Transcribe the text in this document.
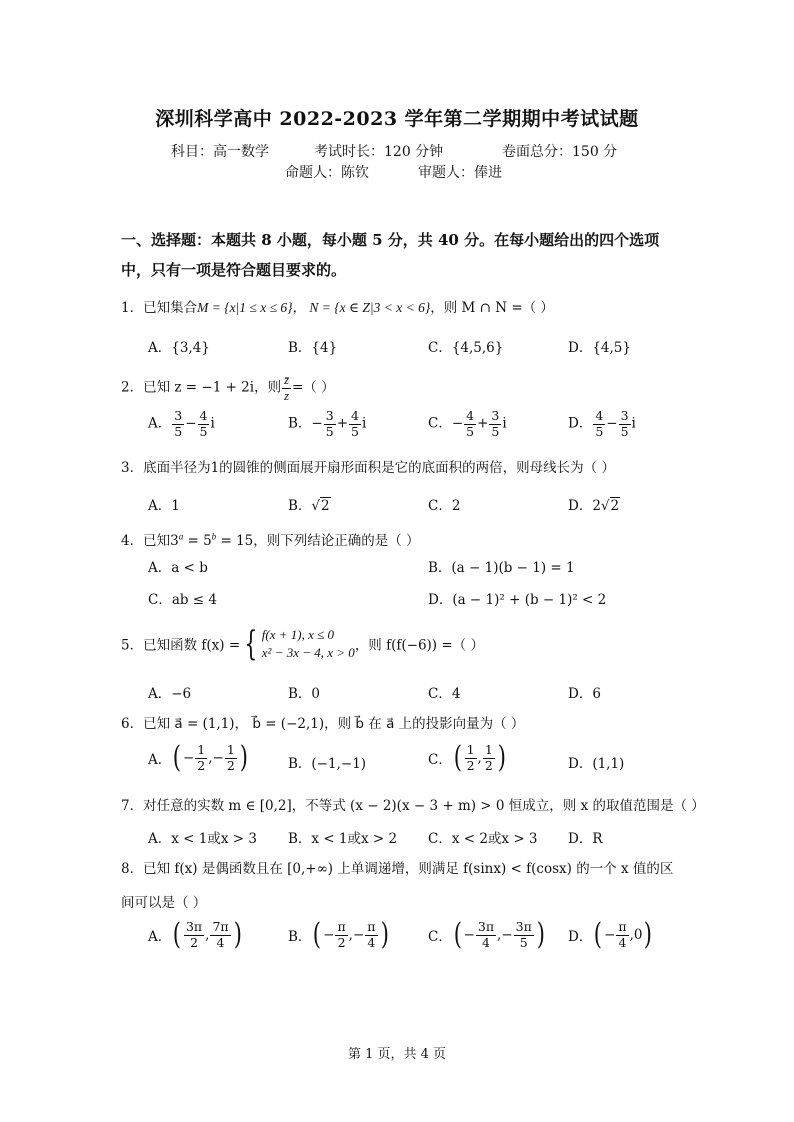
深圳科学高中 2022-2023 学年第二学期期中考试试题
科目：高一数学	考试时长：120 分钟	卷面总分：150 分
命题人：陈钦	审题人：俸进
一、选择题：本题共 8 小题，每小题 5 分，共 40 分。在每小题给出的四个选项
中，只有一项是符合题目要求的。
1．已知集合M = {x|1 ≤ x ≤ 6}， N = {x ∈ Z|3 < x < 6}，则 M ∩ N =（ ）
A．{3,4}	B．{4}	C．{4,5,6}	D．{4,5}
2．已知 z = −1 + 2i，则 $\frac{z̄}{z}$ =（ ）
A． $\frac{3}{5} - \frac{4}{5}$ i	B．− $\frac{3}{5} + \frac{4}{5}$ i	C．− $\frac{4}{5} + \frac{3}{5}$ i	D． $\frac{4}{5} - \frac{3}{5}$ i
3．底面半径为1的圆锥的侧面展开扇形面积是它的底面积的两倍，则母线长为（ ）
A．1	B．√2	C．2	D．2√2
4．已知$3^a = 5^b = 15$，则下列结论正确的是（ ）
A．a < b	B．(a − 1)(b − 1) = 1
C．ab ≤ 4	D．(a − 1)² + (b − 1)² < 2
5．已知函数 f(x) = { f(x + 1), x ≤ 0
x² − 3x − 4, x > 0 ，则 f(f(−6)) =（ ）
A．−6	B．0	C．4	D．6
6．已知 a⃗ = (1,1)， b⃗ = (−2,1)，则 b⃗ 在 a⃗ 上的投影向量为（ ）
A．( − $\frac{1}{2}$ ,− $\frac{1}{2}$ )	B．(−1,−1)	C．( $\frac{1}{2}$ , $\frac{1}{2}$ )	D．(1,1)
7．对任意的实数 m ∈ [0,2]，不等式 (x − 2)(x − 3 + m) > 0 恒成立，则 x 的取值范围是（ ）
A．x < 1或x > 3 B．x < 1或x > 2 C．x < 2或x > 3 D．R
8．已知 f(x) 是偶函数且在 [0,+∞) 上单调递增，则满足 f(sinx) < f(cosx) 的一个 x 值的区
间可以是（ ）
A．( $\frac{3\pi}{2}$ , $\frac{7\pi}{4}$ )	B．( − $\frac{\pi}{2}$ ,− $\frac{\pi}{4}$ )	C．( − $\frac{3\pi}{4}$ ,− $\frac{3\pi}{5}$ ) D．( − $\frac{\pi}{4} ,0$)
第 1 页，共 4 页
